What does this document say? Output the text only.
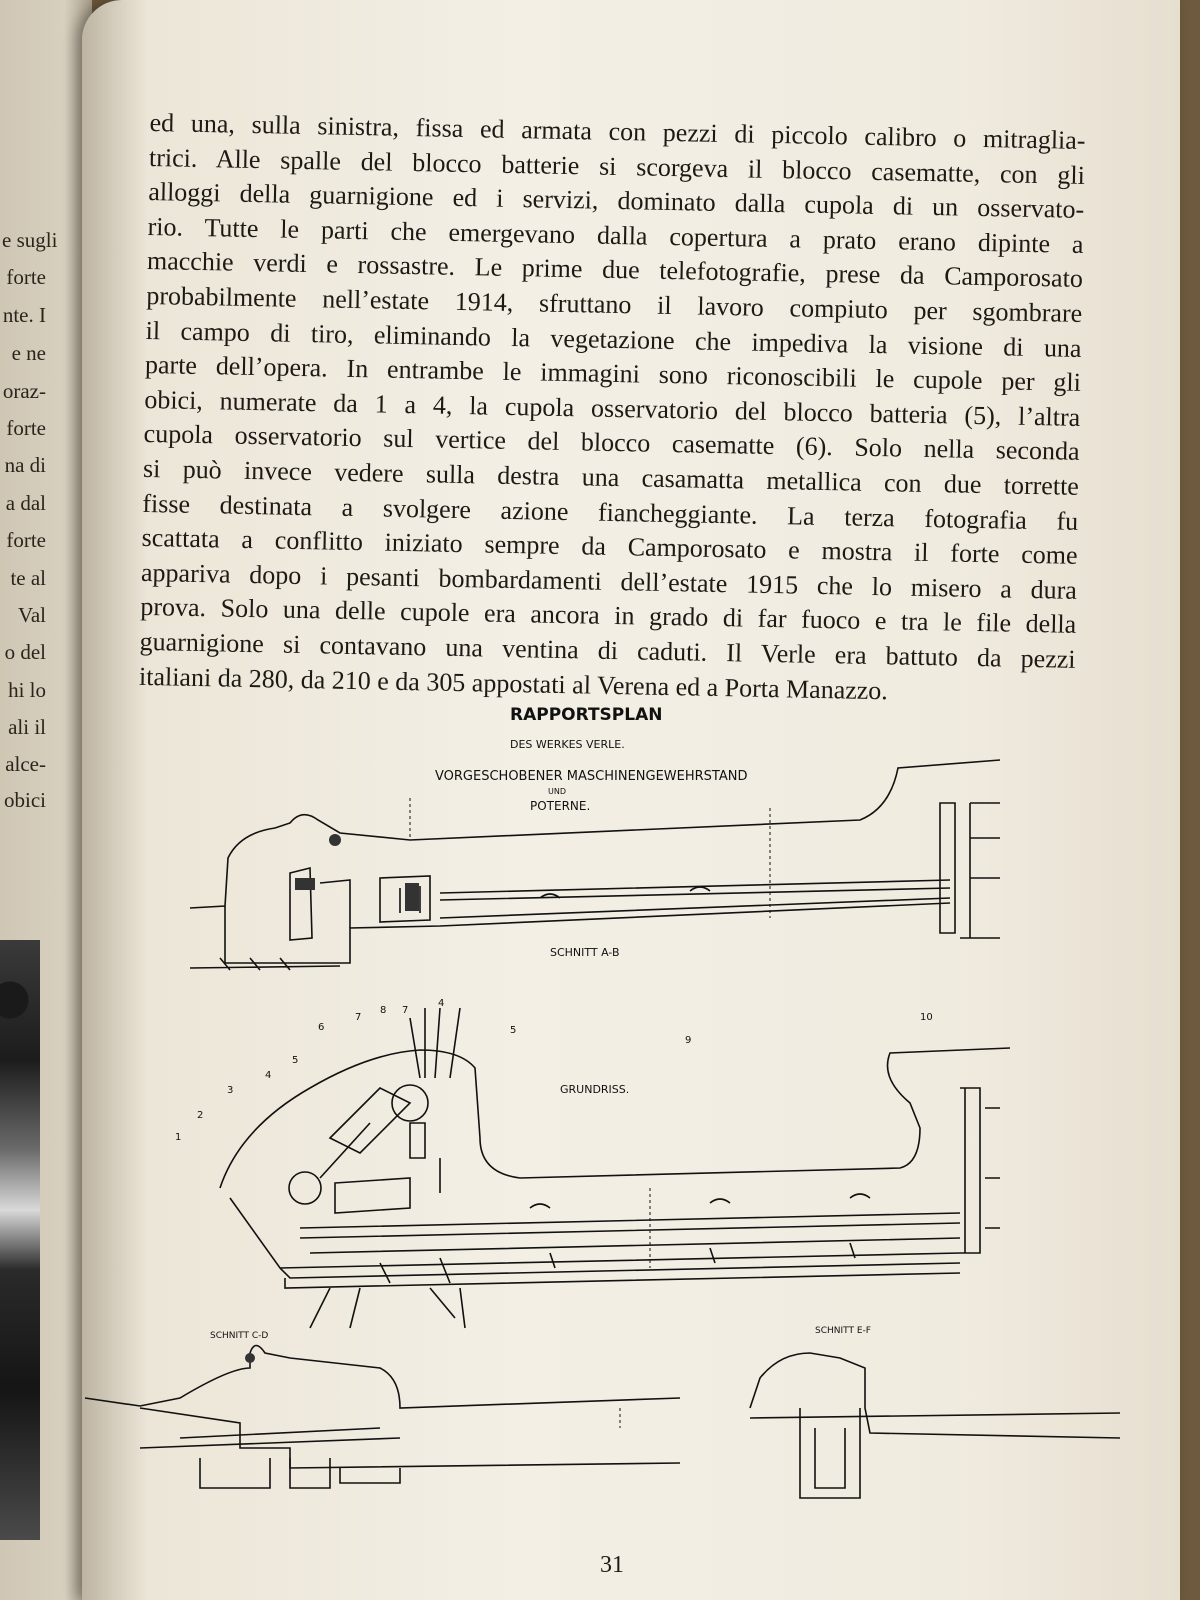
e sugli
forte
nte. I
e ne
oraz-
forte
na di
a dal
forte
te al
Val
o del
hi lo
ali il
alce-
obici
ed una, sulla sinistra, fissa ed armata con pezzi di piccolo calibro o mitraglia-
trici. Alle spalle del blocco batterie si scorgeva il blocco casematte, con gli
alloggi della guarnigione ed i servizi, dominato dalla cupola di un osservato-
rio. Tutte le parti che emergevano dalla copertura a prato erano dipinte a
macchie verdi e rossastre. Le prime due telefotografie, prese da Camporosato
probabilmente nell’estate 1914, sfruttano il lavoro compiuto per sgombrare
il campo di tiro, eliminando la vegetazione che impediva la visione di una
parte dell’opera. In entrambe le immagini sono riconoscibili le cupole per gli
obici, numerate da 1 a 4, la cupola osservatorio del blocco batteria (5), l’altra
cupola osservatorio sul vertice del blocco casematte (6). Solo nella seconda
si può invece vedere sulla destra una casamatta metallica con due torrette
fisse destinata a svolgere azione fiancheggiante. La terza fotografia fu
scattata a conflitto iniziato sempre da Camporosato e mostra il forte come
appariva dopo i pesanti bombardamenti dell’estate 1915 che lo misero a dura
prova. Solo una delle cupole era ancora in grado di far fuoco e tra le file della
guarnigione si contavano una ventina di caduti. Il Verle era battuto da pezzi
italiani da 280, da 210 e da 305 appostati al Verena ed a Porta Manazzo.
RAPPORTSPLAN
DES WERKES VERLE.
VORGESCHOBENER MASCHINENGEWEHRSTAND
UND
POTERNE.
SCHNITT A-B
GRUNDRISS.
SCHNITT C-D	SCHNITT E-F
1
2
3
4
5
6
7
8 7
4
5
9
10
31
